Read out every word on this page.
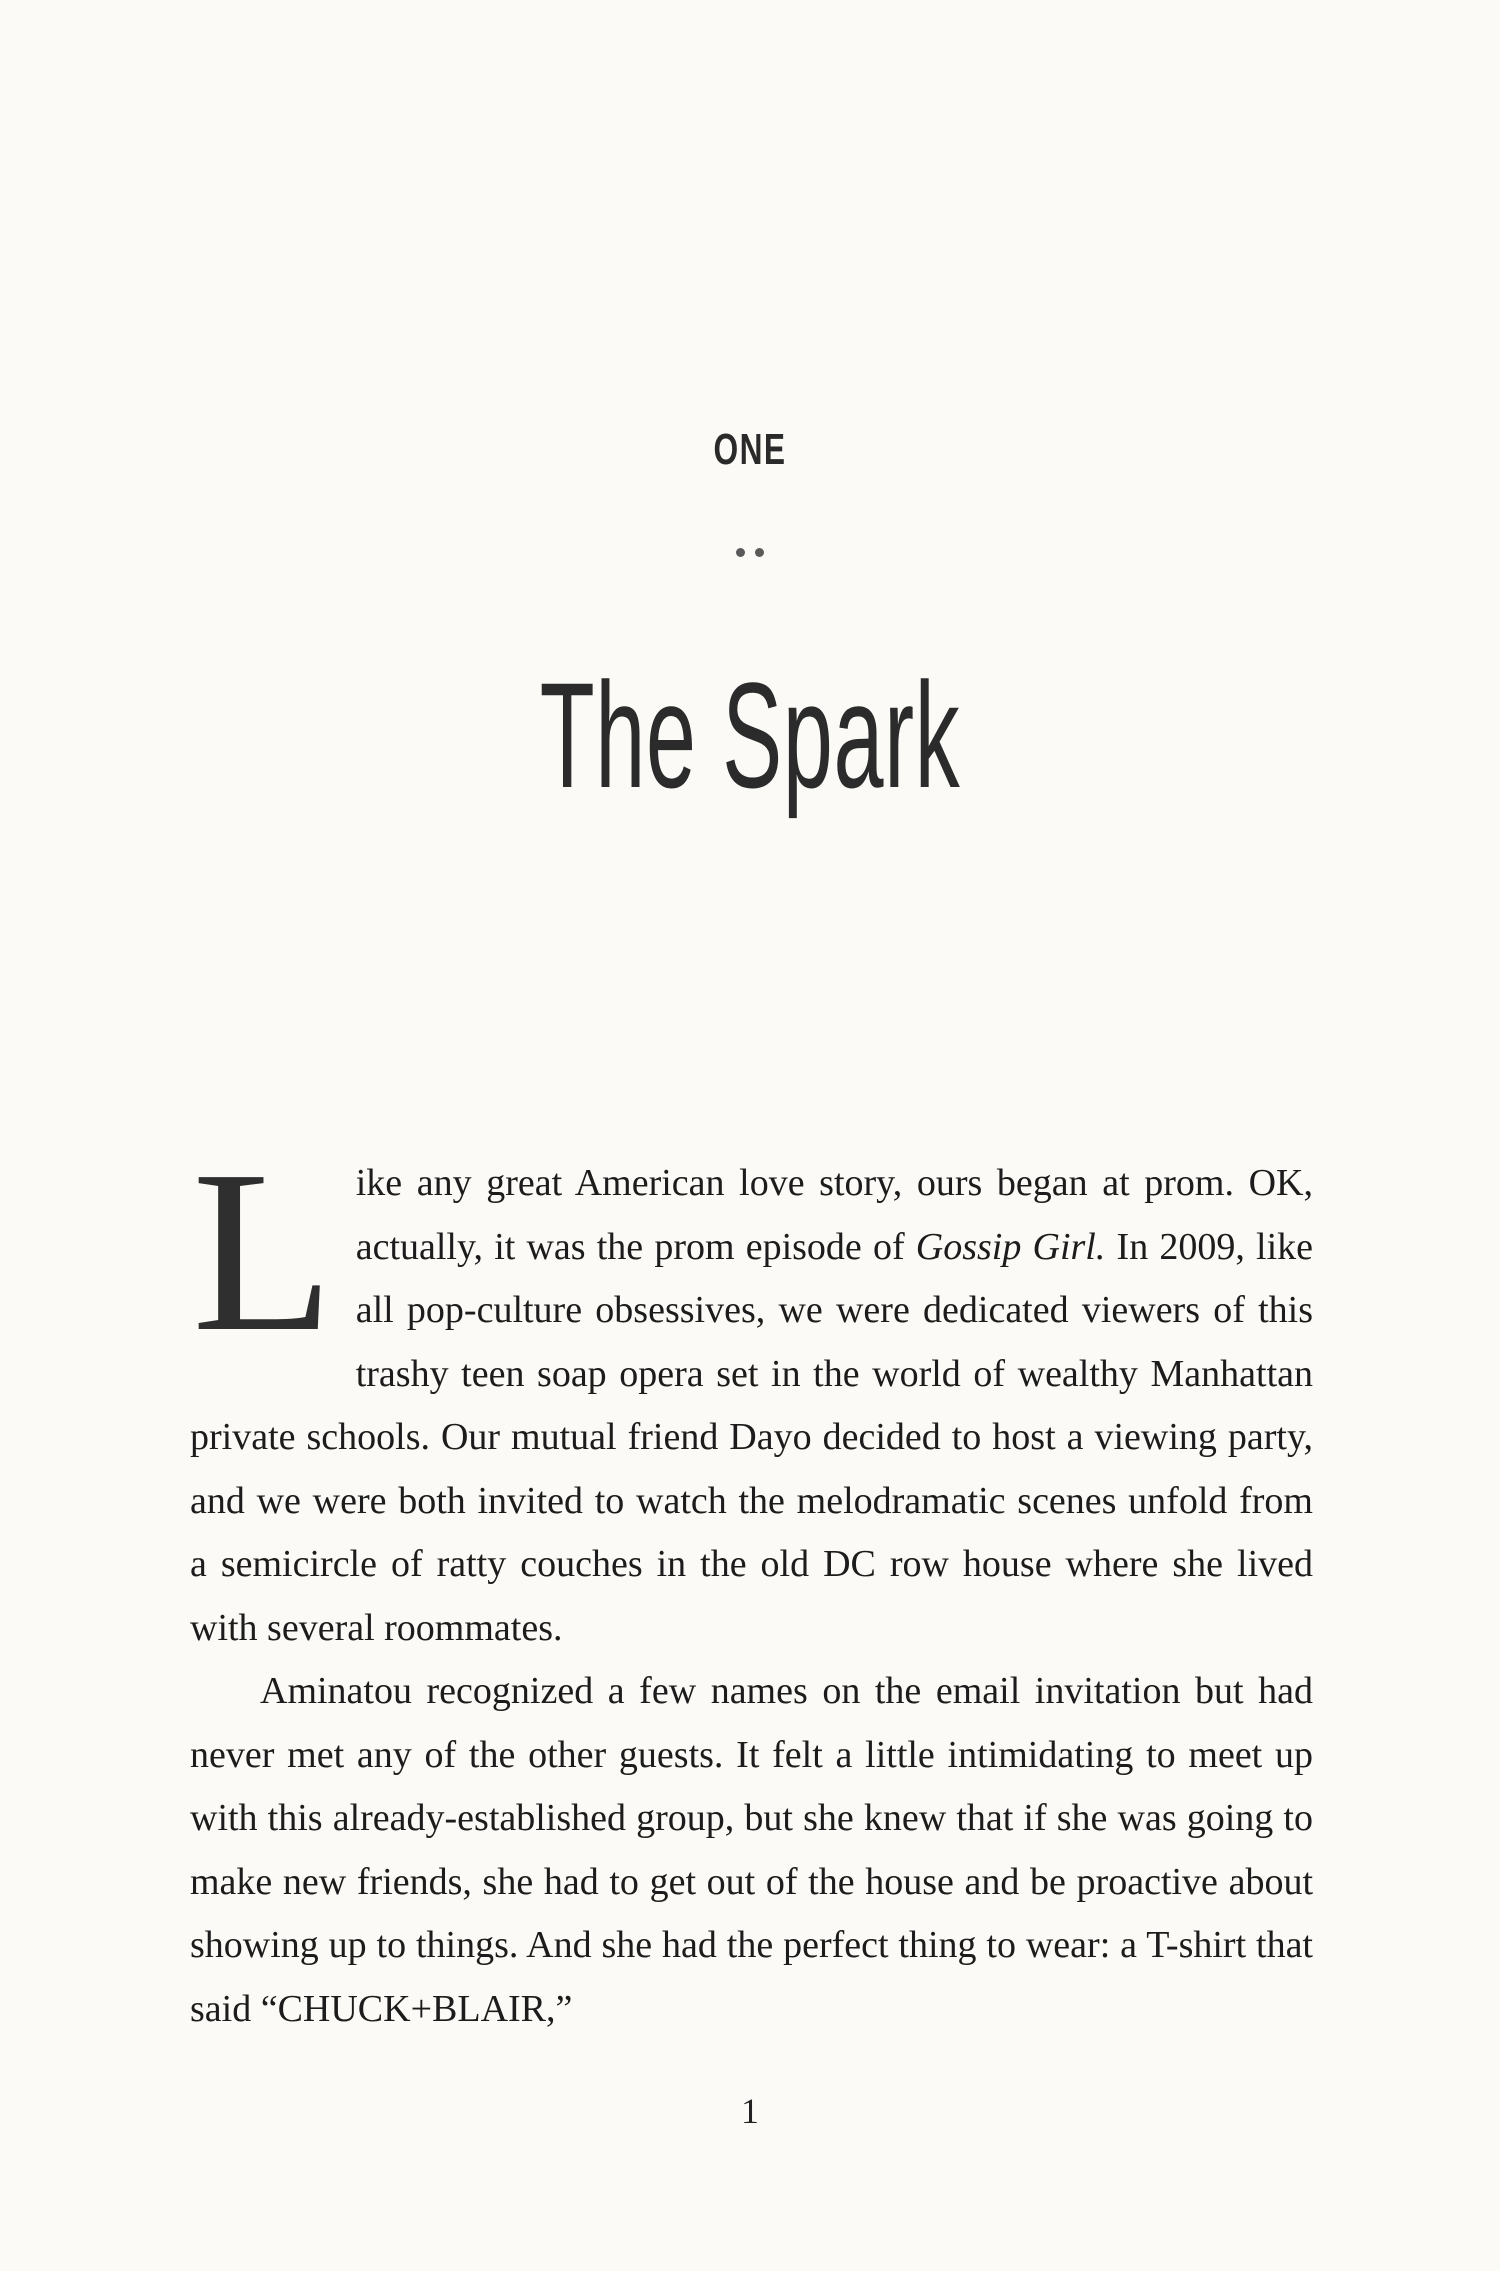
ONE
The Spark

Like any great American love story, ours began at prom. OK, actually, it was the prom episode of Gossip Girl. In 2009, like all pop-culture obsessives, we were dedicated viewers of this trashy teen soap opera set in the world of wealthy Manhattan private schools. Our mutual friend Dayo decided to host a viewing party, and we were both invited to watch the melodramatic scenes unfold from a semicircle of ratty couches in the old DC row house where she lived with several roommates.

Aminatou recognized a few names on the email invitation but had never met any of the other guests. It felt a little intimidating to meet up with this already-established group, but she knew that if she was going to make new friends, she had to get out of the house and be proactive about showing up to things. And she had the perfect thing to wear: a T-shirt that said “CHUCK+BLAIR,”

1
